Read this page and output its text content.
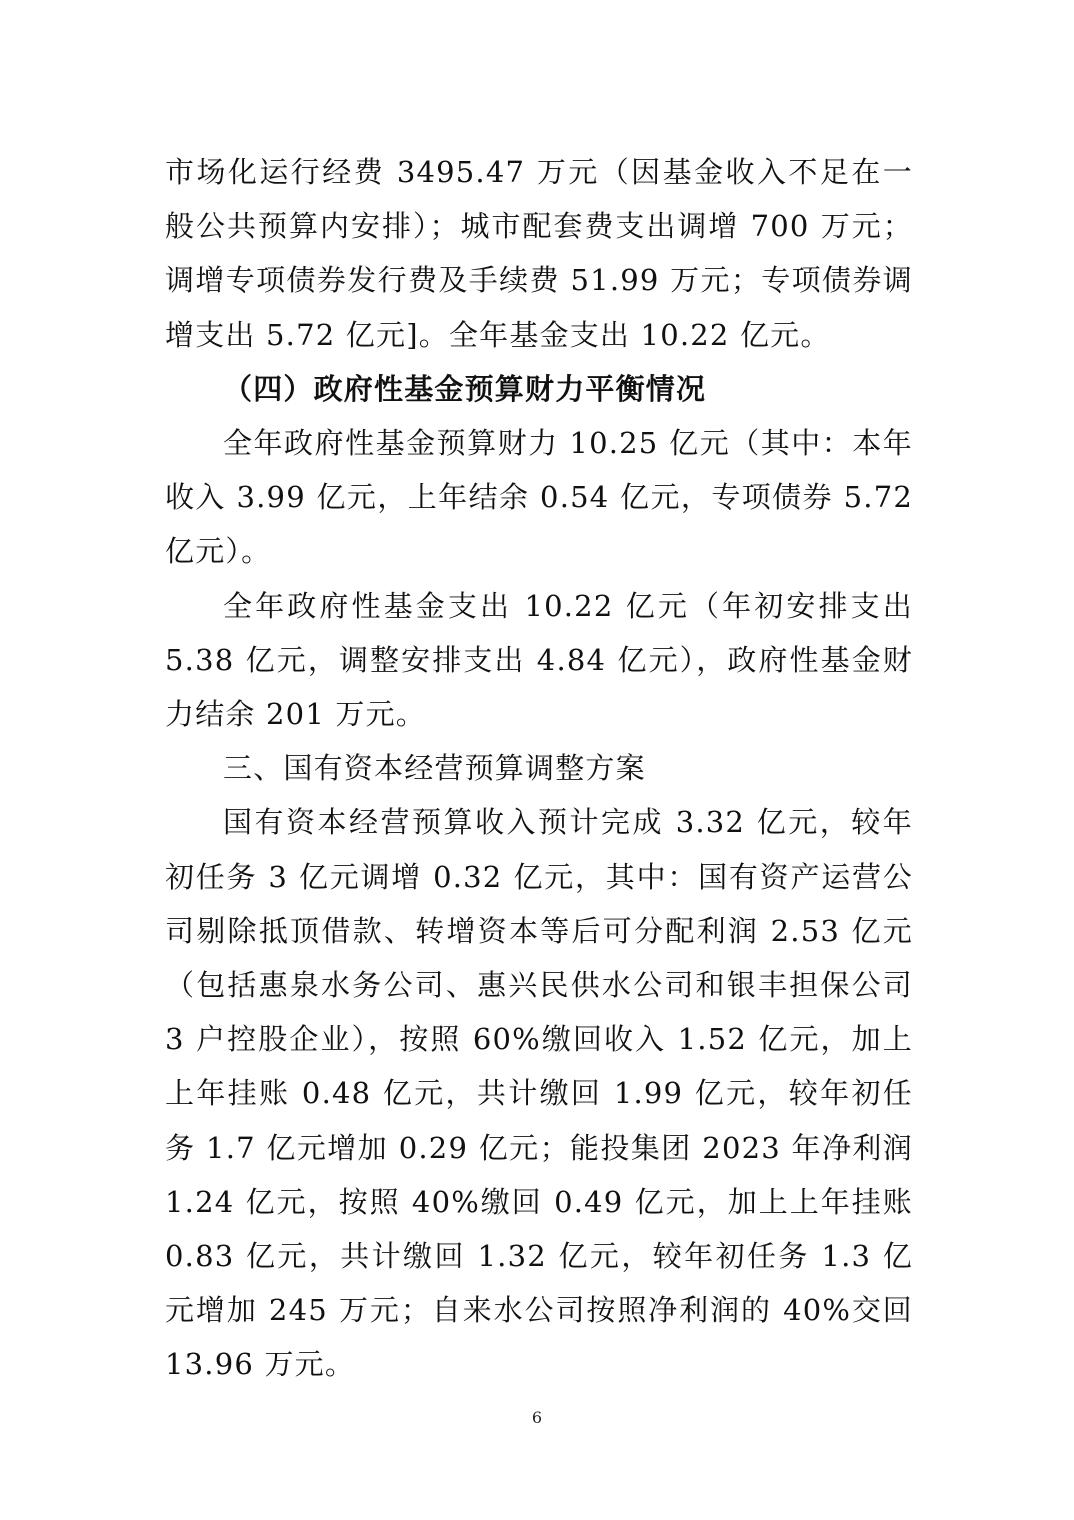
市场化运行经费 3495.47 万元（因基金收入不足在一般公共预算内安排）；城市配套费支出调增 700 万元；调增专项债券发行费及手续费 51.99 万元；专项债券调增支出 5.72 亿元]。全年基金支出 10.22 亿元。

（四）政府性基金预算财力平衡情况

全年政府性基金预算财力 10.25 亿元（其中：本年收入 3.99 亿元，上年结余 0.54 亿元，专项债券 5.72 亿元）。

全年政府性基金支出 10.22 亿元（年初安排支出 5.38 亿元，调整安排支出 4.84 亿元），政府性基金财力结余 201 万元。

三、国有资本经营预算调整方案

国有资本经营预算收入预计完成 3.32 亿元，较年初任务 3 亿元调增 0.32 亿元，其中：国有资产运营公司剔除抵顶借款、转增资本等后可分配利润 2.53 亿元（包括惠泉水务公司、惠兴民供水公司和银丰担保公司 3 户控股企业），按照 60%缴回收入 1.52 亿元，加上上年挂账 0.48 亿元，共计缴回 1.99 亿元，较年初任务 1.7 亿元增加 0.29 亿元；能投集团 2023 年净利润 1.24 亿元，按照 40%缴回 0.49 亿元，加上上年挂账 0.83 亿元，共计缴回 1.32 亿元，较年初任务 1.3 亿元增加 245 万元；自来水公司按照净利润的 40%交回 13.96 万元。

6
